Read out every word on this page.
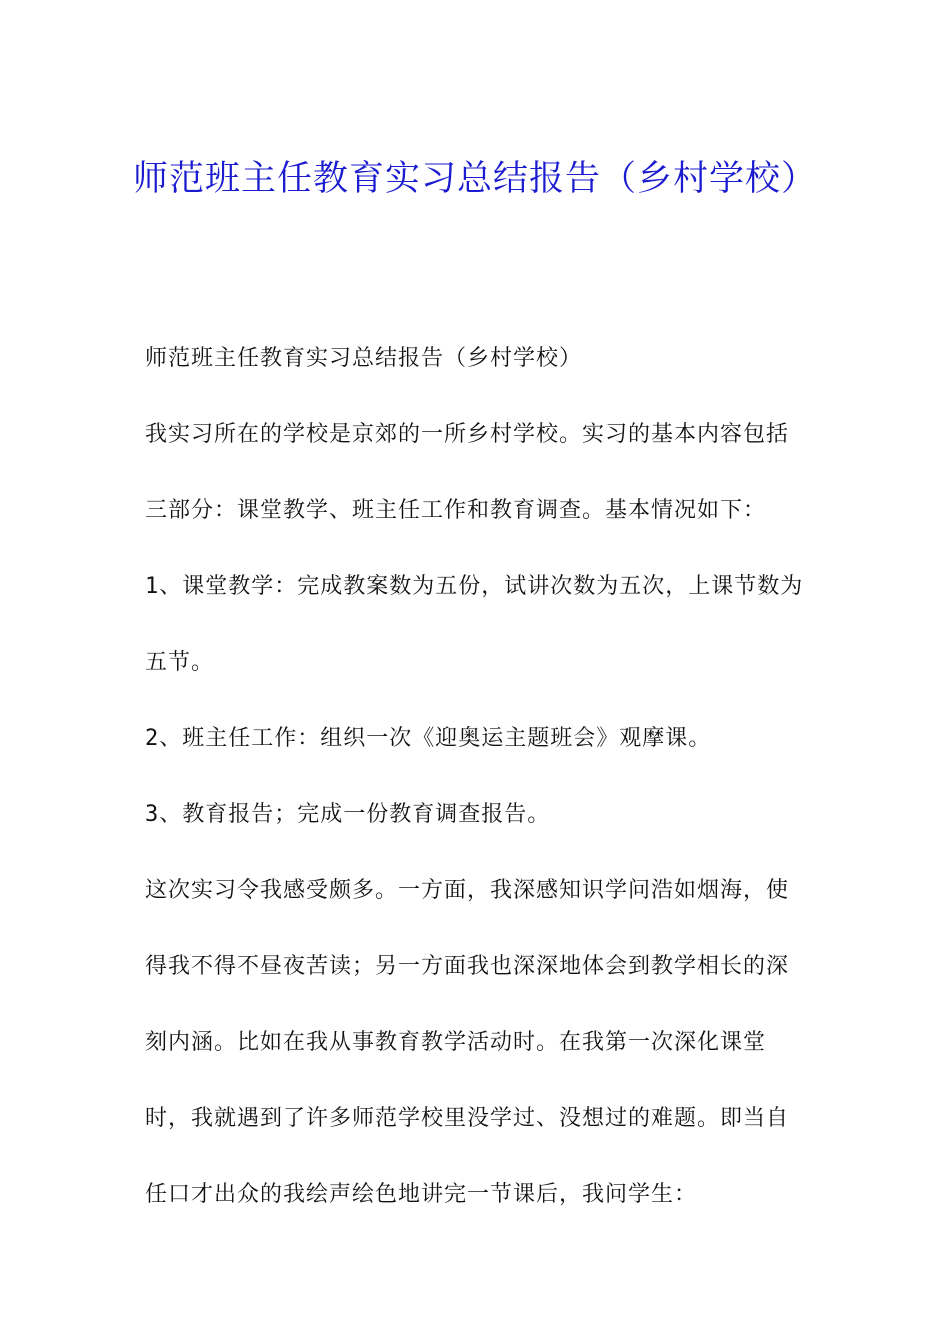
师范班主任教育实习总结报告（乡村学校）

师范班主任教育实习总结报告（乡村学校）

我实习所在的学校是京郊的一所乡村学校。实习的基本内容包括三部分：课堂教学、班主任工作和教育调查。基本情况如下：

1、课堂教学：完成教案数为五份，试讲次数为五次，上课节数为五节。

2、班主任工作：组织一次《迎奥运主题班会》观摩课。

3、教育报告；完成一份教育调查报告。

这次实习令我感受颇多。一方面，我深感知识学问浩如烟海，使得我不得不昼夜苦读；另一方面我也深深地体会到教学相长的深刻内涵。比如在我从事教育教学活动时。在我第一次深化课堂时，我就遇到了许多师范学校里没学过、没想过的难题。即当自任口才出众的我绘声绘色地讲完一节课后，我问学生：
